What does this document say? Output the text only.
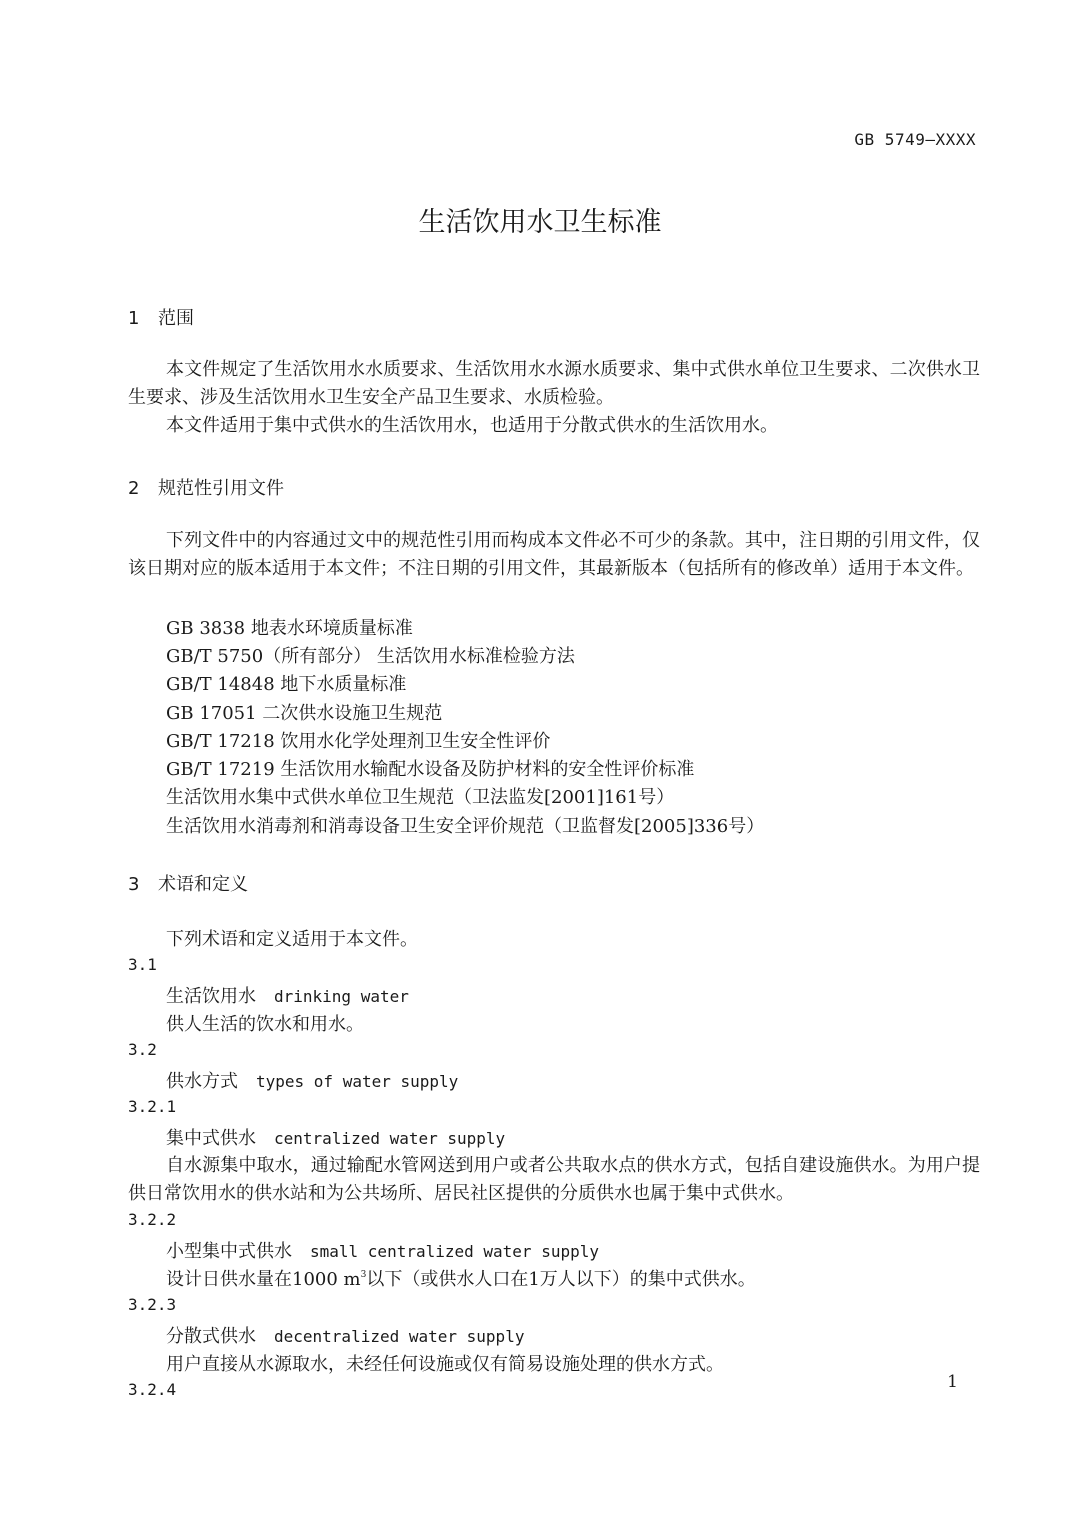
GB 5749—XXXX
生活饮用水卫生标准
1 范围
本文件规定了生活饮用水水质要求、生活饮用水水源水质要求、集中式供水单位卫生要求、二次供水卫生要求、涉及生活饮用水卫生安全产品卫生要求、水质检验。
本文件适用于集中式供水的生活饮用水，也适用于分散式供水的生活饮用水。
2 规范性引用文件
下列文件中的内容通过文中的规范性引用而构成本文件必不可少的条款。其中，注日期的引用文件，仅该日期对应的版本适用于本文件；不注日期的引用文件，其最新版本（包括所有的修改单）适用于本文件。
GB 3838 地表水环境质量标准
GB/T 5750（所有部分） 生活饮用水标准检验方法
GB/T 14848 地下水质量标准
GB 17051 二次供水设施卫生规范
GB/T 17218 饮用水化学处理剂卫生安全性评价
GB/T 17219 生活饮用水输配水设备及防护材料的安全性评价标准
生活饮用水集中式供水单位卫生规范（卫法监发[2001]161号）
生活饮用水消毒剂和消毒设备卫生安全评价规范（卫监督发[2005]336号）
3 术语和定义
下列术语和定义适用于本文件。
3.1
生活饮用水 drinking water
供人生活的饮水和用水。
3.2
供水方式 types of water supply
3.2.1
集中式供水 centralized water supply
自水源集中取水，通过输配水管网送到用户或者公共取水点的供水方式，包括自建设施供水。为用户提供日常饮用水的供水站和为公共场所、居民社区提供的分质供水也属于集中式供水。
3.2.2
小型集中式供水 small centralized water supply
设计日供水量在1000 $m^3$以下（或供水人口在1万人以下）的集中式供水。
3.2.3
分散式供水 decentralized water supply
用户直接从水源取水，未经任何设施或仅有简易设施处理的供水方式。
3.2.4	1
